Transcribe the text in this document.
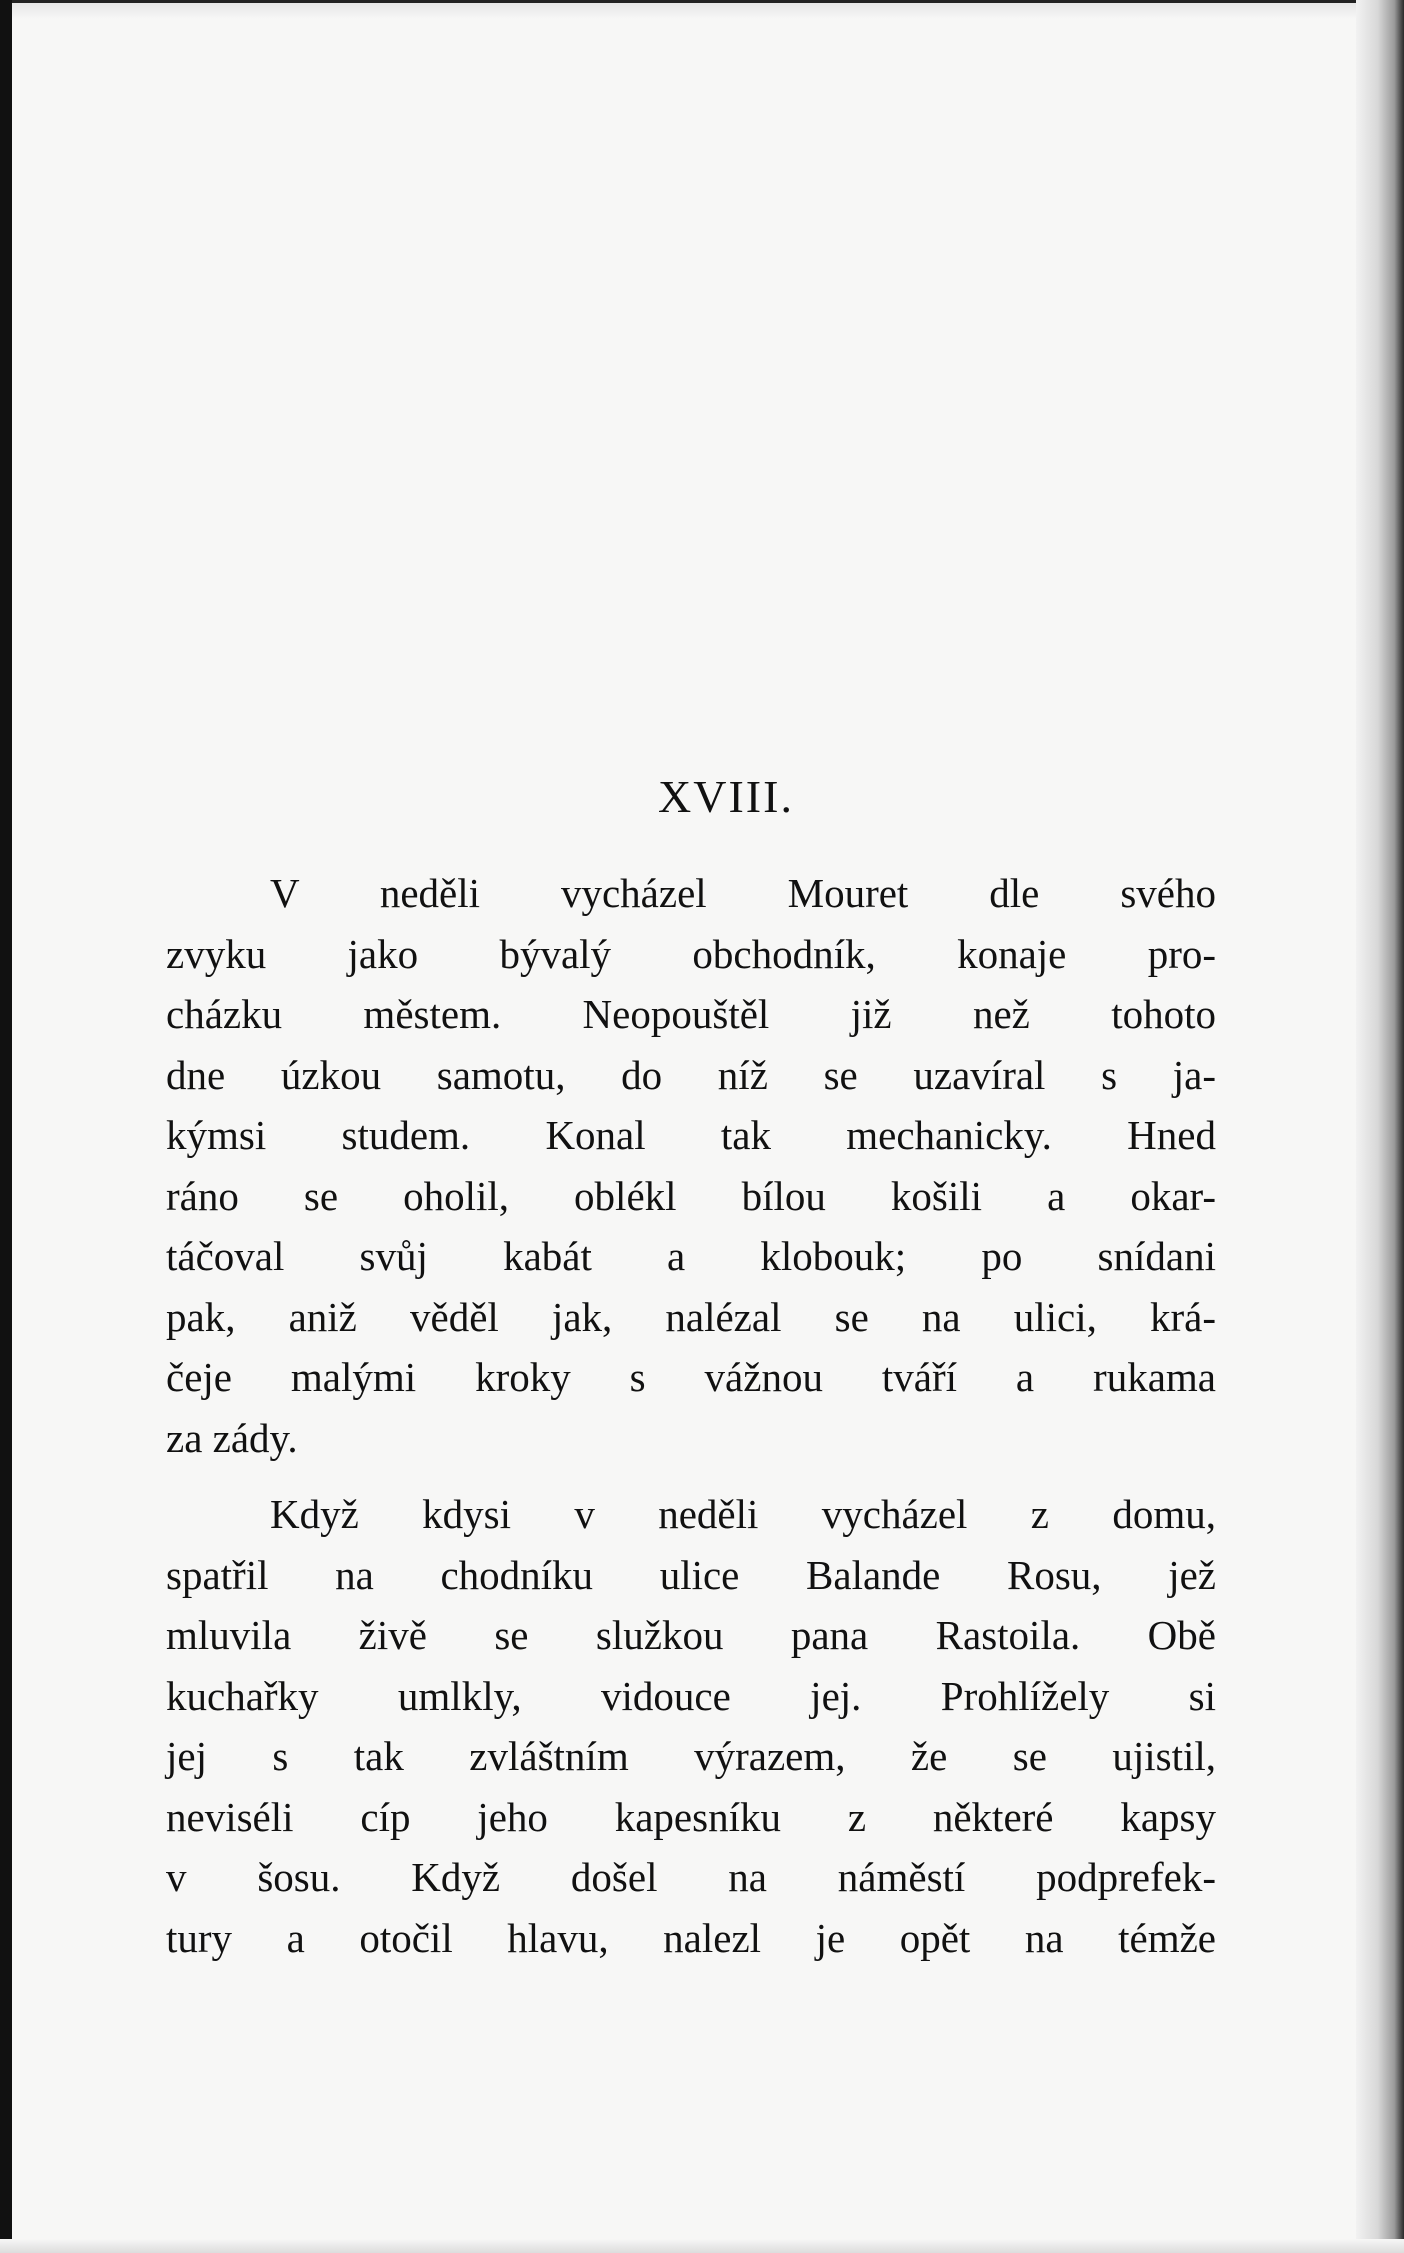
XVIII.

V neděli vycházel Mouret dle svého
zvyku jako bývalý obchodník, konaje pro-
cházku městem. Neopouštěl již než tohoto
dne úzkou samotu, do níž se uzavíral s ja-
kýmsi studem. Konal tak mechanicky. Hned
ráno se oholil, oblékl bílou košili a okar-
táčoval svůj kabát a klobouk; po snídani
pak, aniž věděl jak, nalézal se na ulici, krá-
čeje malými kroky s vážnou tváří a rukama
za zády.

Když kdysi v neděli vycházel z domu,
spatřil na chodníku ulice Balande Rosu, jež
mluvila živě se služkou pana Rastoila. Obě
kuchařky umlkly, vidouce jej. Prohlížely si
jej s tak zvláštním výrazem, že se ujistil,
neviséli cíp jeho kapesníku z některé kapsy
v šosu. Když došel na náměstí podprefek-
tury a otočil hlavu, nalezl je opět na témže
